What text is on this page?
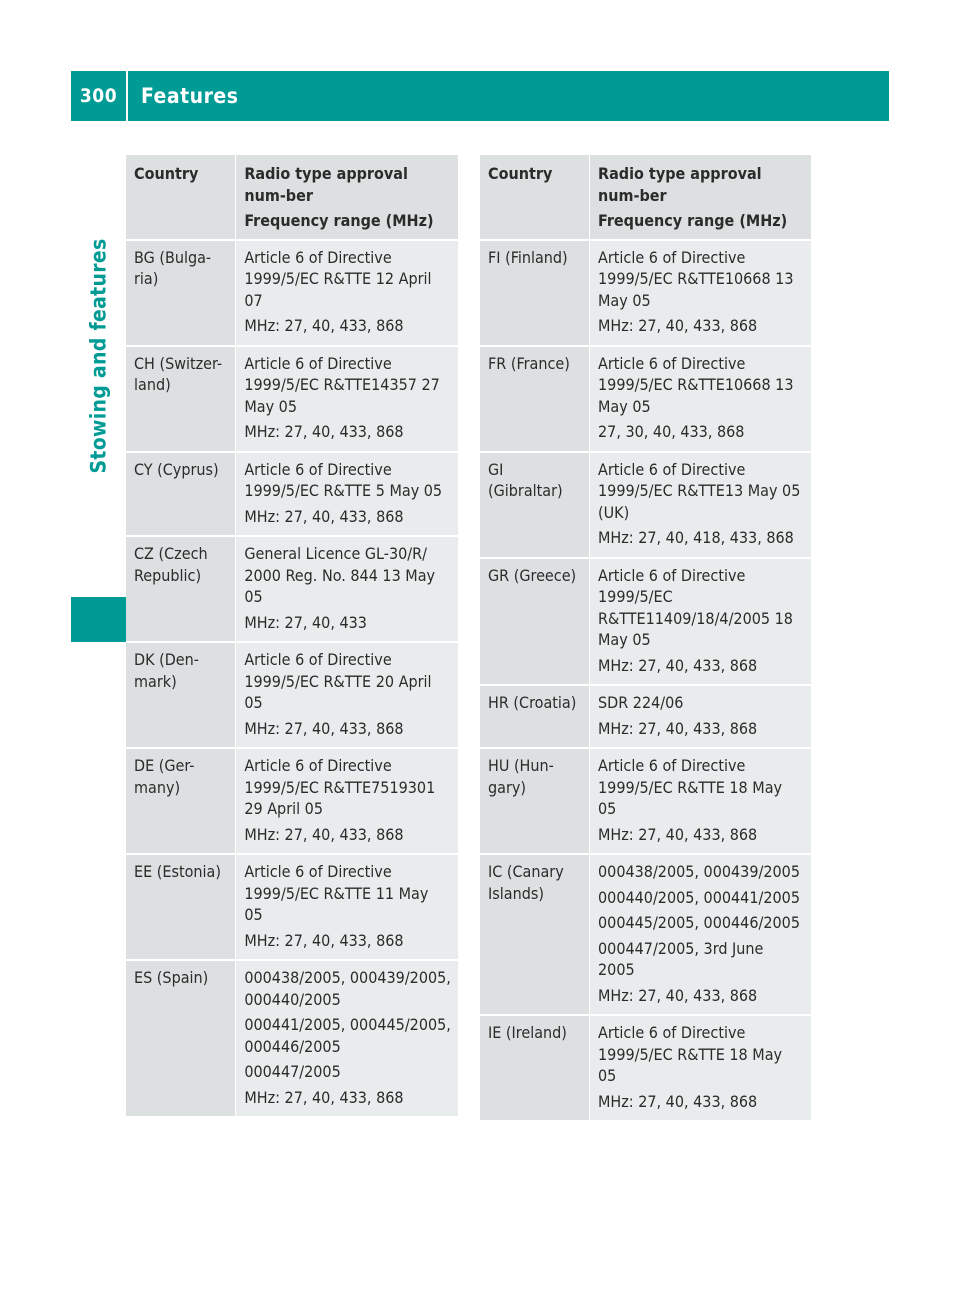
300	Features
Stowing and features
Country	Radio type approval num-ber
Frequency range (MHz)

BG (Bulga-ria)	Article 6 of Directive 1999/5/EC R&TTE 12 April 07
MHz: 27, 40, 433, 868

CH (Switzer-land)	Article 6 of Directive 1999/5/EC R&TTE14357 27 May 05
MHz: 27, 40, 433, 868

CY (Cyprus)	Article 6 of Directive 1999/5/EC R&TTE 5 May 05
MHz: 27, 40, 433, 868

CZ (Czech Republic)	General Licence GL-30/R/ 2000 Reg. No. 844 13 May 05
MHz: 27, 40, 433

DK (Den-mark)	Article 6 of Directive 1999/5/EC R&TTE 20 April 05
MHz: 27, 40, 433, 868

DE (Ger-many)	Article 6 of Directive 1999/5/EC R&TTE7519301 29 April 05
MHz: 27, 40, 433, 868

EE (Estonia)	Article 6 of Directive 1999/5/EC R&TTE 11 May 05
MHz: 27, 40, 433, 868

ES (Spain)	000438/2005, 000439/2005, 000440/2005
000441/2005, 000445/2005, 000446/2005
000447/2005
MHz: 27, 40, 433, 868
Country	Radio type approval num-ber
Frequency range (MHz)

FI (Finland)	Article 6 of Directive 1999/5/EC R&TTE10668 13 May 05
MHz: 27, 40, 433, 868

FR (France)	Article 6 of Directive 1999/5/EC R&TTE10668 13 May 05
27, 30, 40, 433, 868

GI (Gibraltar)	Article 6 of Directive 1999/5/EC R&TTE13 May 05 (UK)
MHz: 27, 40, 418, 433, 868

GR (Greece)	Article 6 of Directive 1999/5/EC R&TTE11409/18/4/2005 18 May 05
MHz: 27, 40, 433, 868

HR (Croatia)	SDR 224/06
MHz: 27, 40, 433, 868

HU (Hun-gary)	Article 6 of Directive 1999/5/EC R&TTE 18 May 05
MHz: 27, 40, 433, 868

IC (Canary Islands)	000438/2005, 000439/2005
000440/2005, 000441/2005
000445/2005, 000446/2005
000447/2005, 3rd June 2005
MHz: 27, 40, 433, 868

IE (Ireland)	Article 6 of Directive 1999/5/EC R&TTE 18 May 05
MHz: 27, 40, 433, 868
